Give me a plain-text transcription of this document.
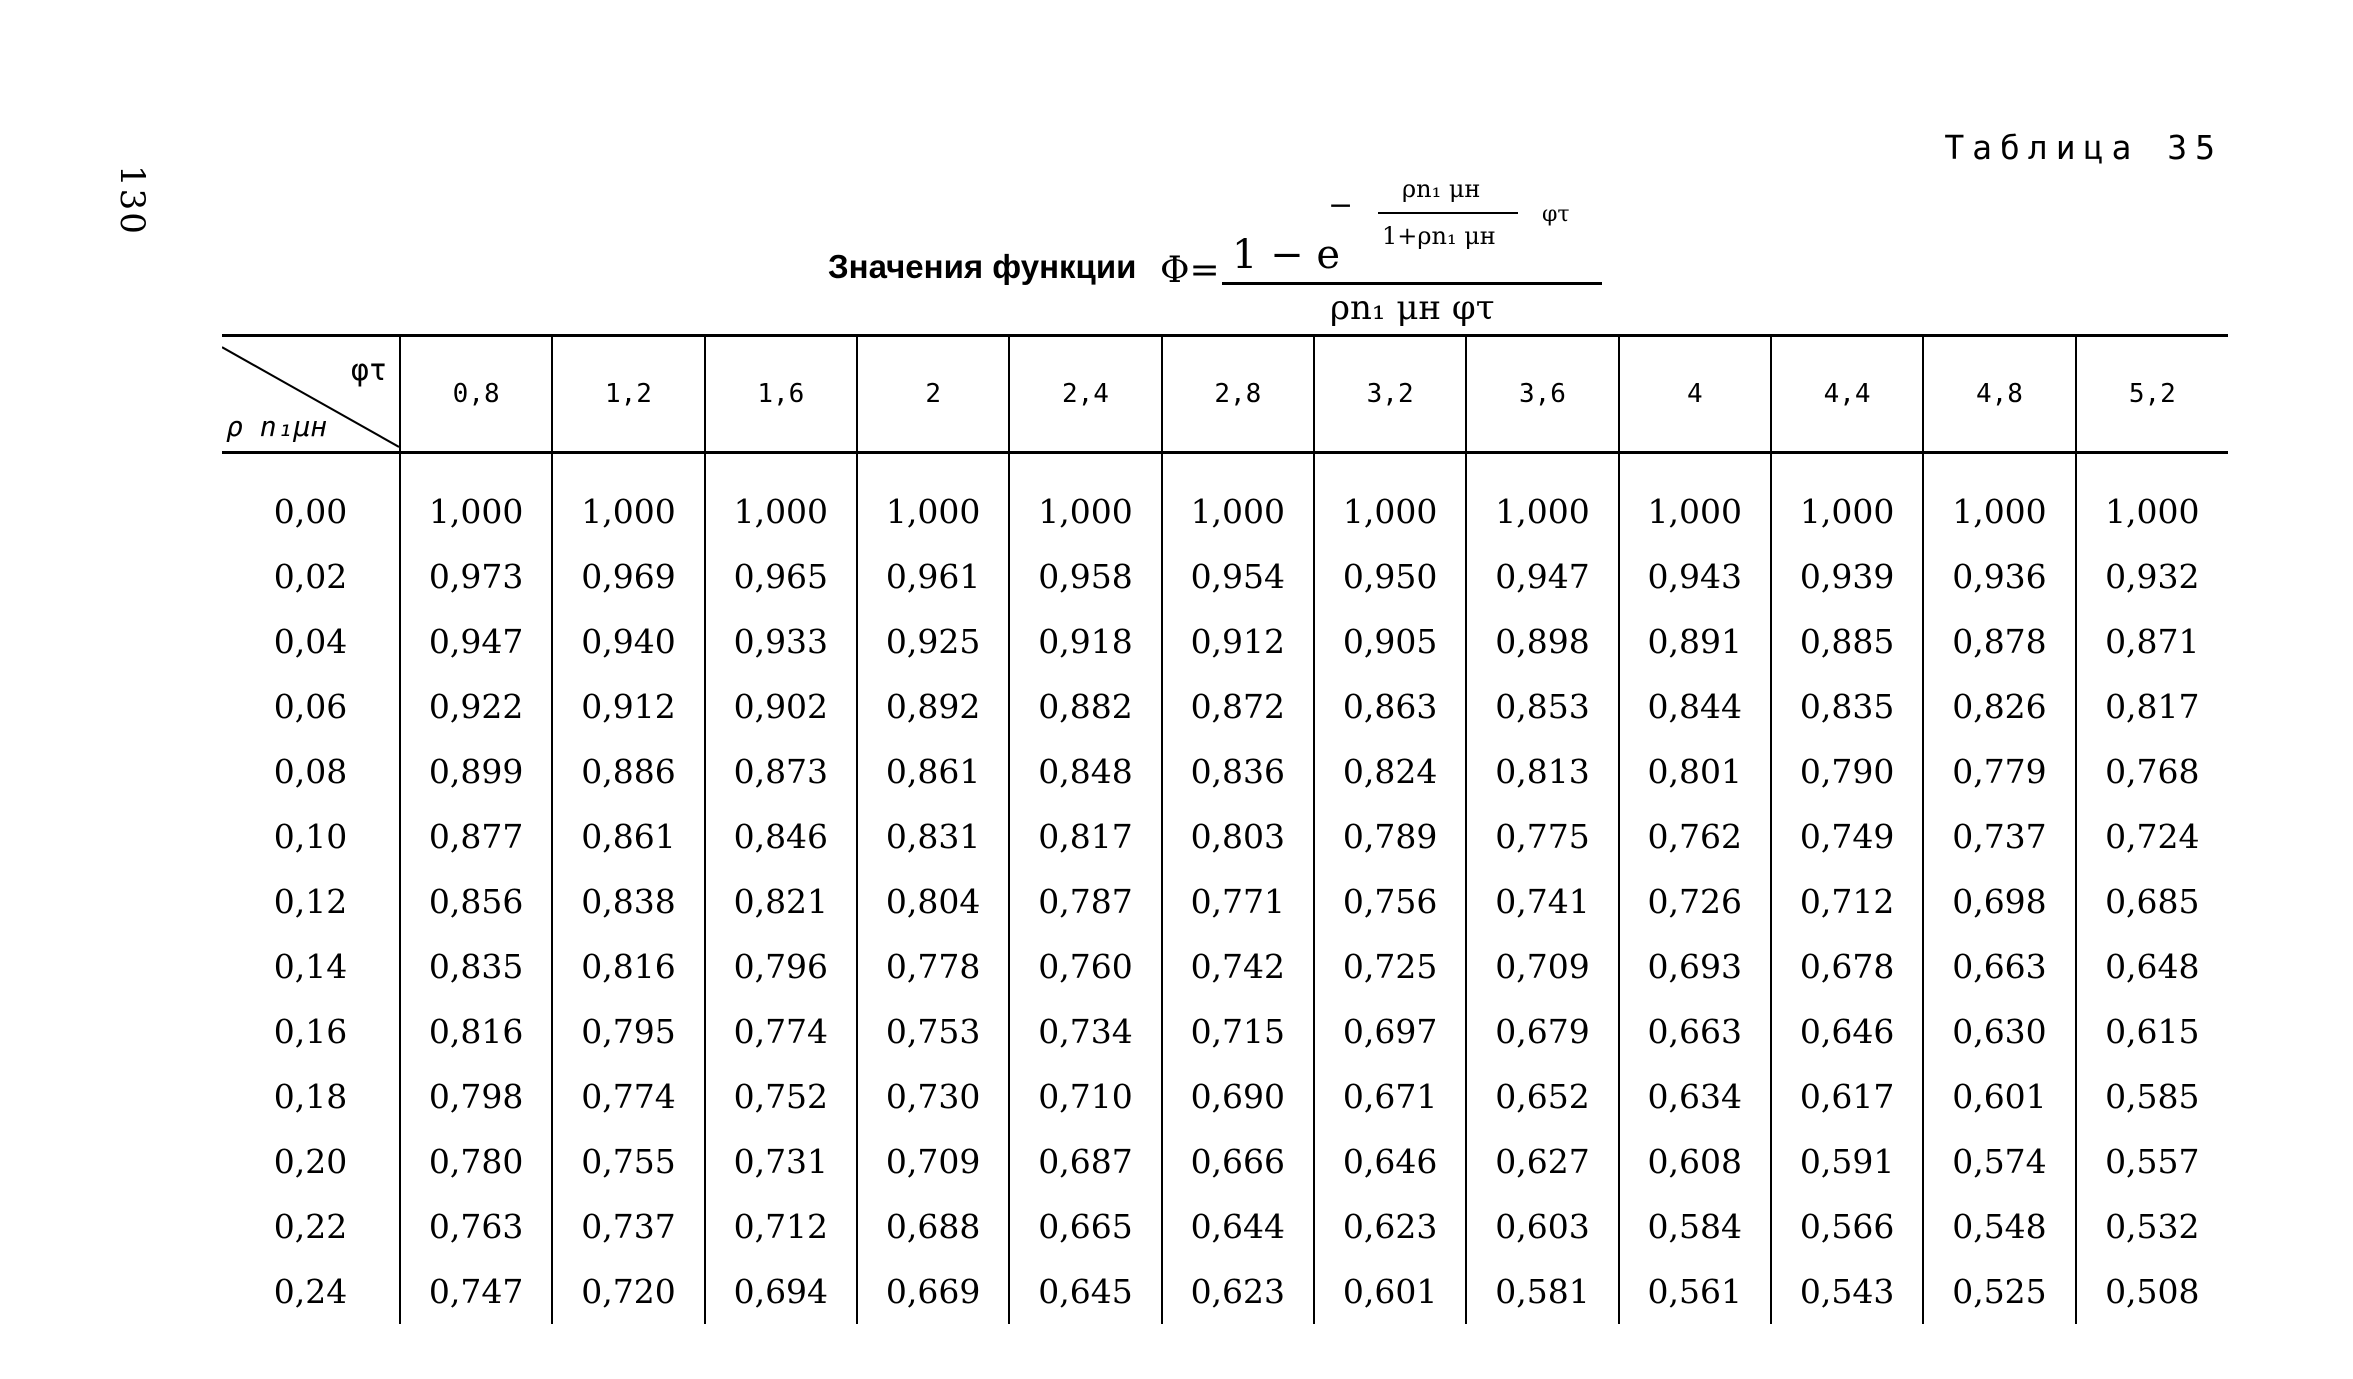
130
Таблица 35
Значения функции Φ=
− ρn₁ μн
1+ρn₁ μн
φτ
1 − e
ρn₁ μн φτ
φτ
ρ n₁μн	0,8	1,2	1,6	2	2,4	2,8	3,2	3,6	4	4,4	4,8	5,2
0,00	1,000	1,000	1,000	1,000	1,000	1,000	1,000	1,000	1,000	1,000	1,000	1,000
0,02	0,973	0,969	0,965	0,961	0,958	0,954	0,950	0,947	0,943	0,939	0,936	0,932
0,04	0,947	0,940	0,933	0,925	0,918	0,912	0,905	0,898	0,891	0,885	0,878	0,871
0,06	0,922	0,912	0,902	0,892	0,882	0,872	0,863	0,853	0,844	0,835	0,826	0,817
0,08	0,899	0,886	0,873	0,861	0,848	0,836	0,824	0,813	0,801	0,790	0,779	0,768
0,10	0,877	0,861	0,846	0,831	0,817	0,803	0,789	0,775	0,762	0,749	0,737	0,724
0,12	0,856	0,838	0,821	0,804	0,787	0,771	0,756	0,741	0,726	0,712	0,698	0,685
0,14	0,835	0,816	0,796	0,778	0,760	0,742	0,725	0,709	0,693	0,678	0,663	0,648
0,16	0,816	0,795	0,774	0,753	0,734	0,715	0,697	0,679	0,663	0,646	0,630	0,615
0,18	0,798	0,774	0,752	0,730	0,710	0,690	0,671	0,652	0,634	0,617	0,601	0,585
0,20	0,780	0,755	0,731	0,709	0,687	0,666	0,646	0,627	0,608	0,591	0,574	0,557
0,22	0,763	0,737	0,712	0,688	0,665	0,644	0,623	0,603	0,584	0,566	0,548	0,532
0,24	0,747	0,720	0,694	0,669	0,645	0,623	0,601	0,581	0,561	0,543	0,525	0,508
